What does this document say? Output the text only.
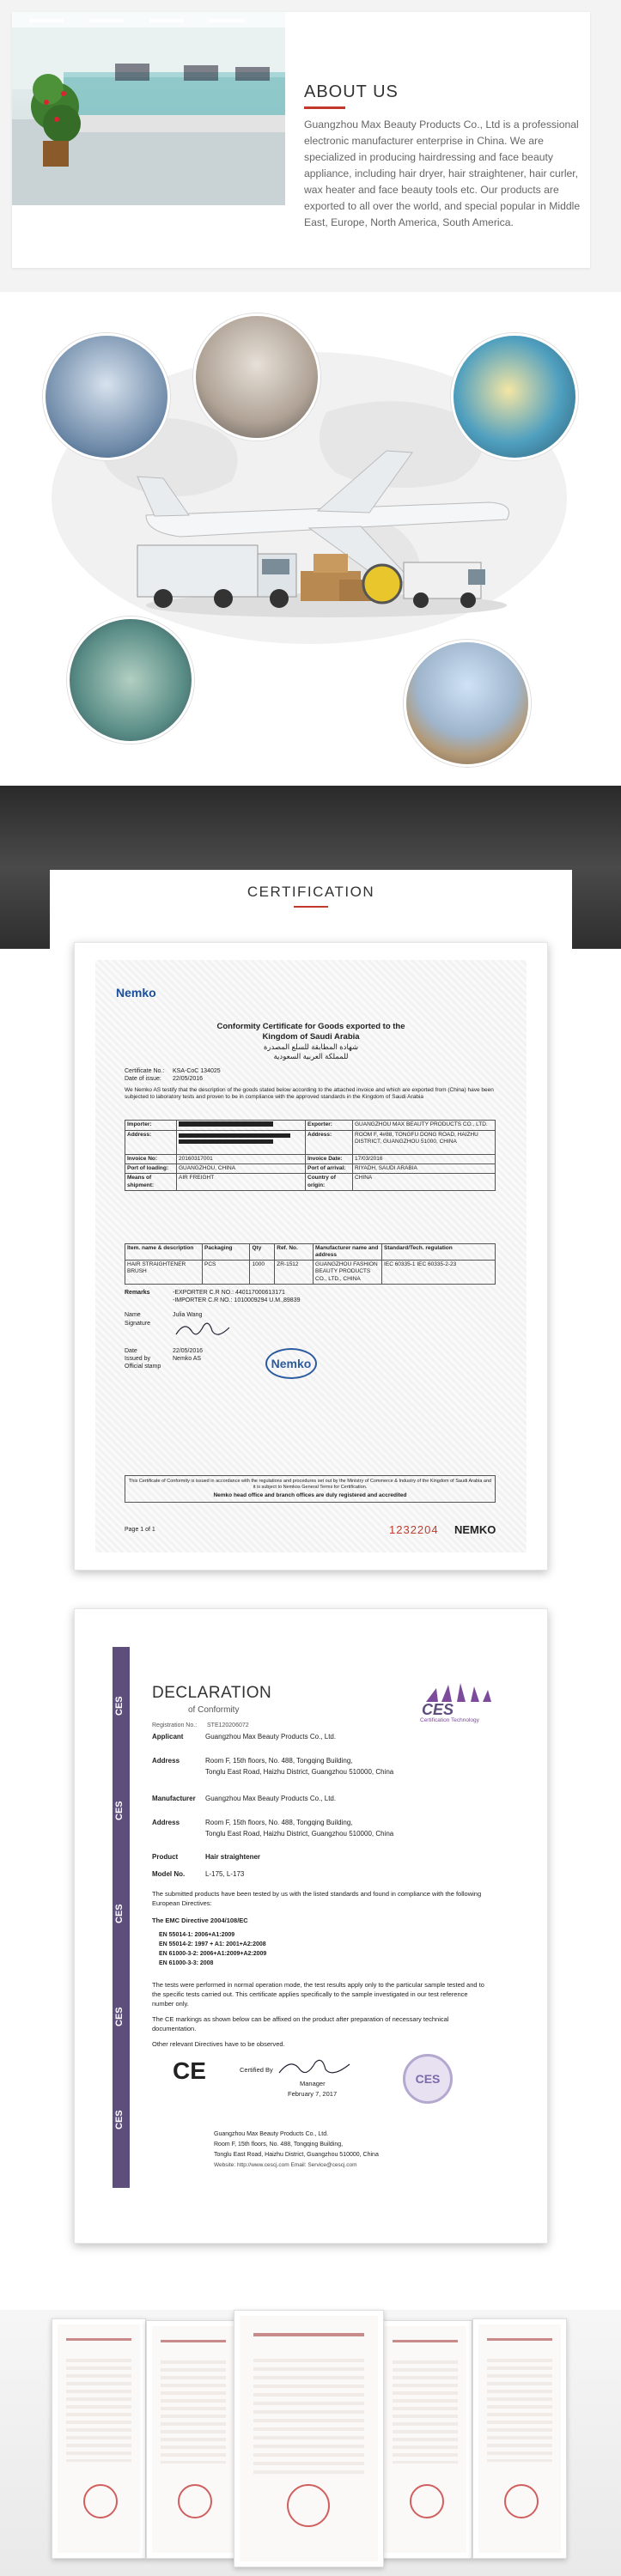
ABOUT US
Guangzhou Max Beauty Products Co., Ltd is a professional electronic manufacturer enterprise in China. We are specialized in producing hairdressing and face beauty appliance, including hair dryer, hair straightener, hair curler, wax heater and face beauty tools etc. Our products are exported to all over the world, and special popular in Middle East, Europe, North America, South America.
CERTIFICATION
Nemko
Conformity Certificate for Goods exported to the
Kingdom of Saudi Arabia
شهادة المطابقة للسلع المصدرة
للمملكة العربية السعودية
Certificate No.: KSA-CoC 134025
Date of issue: 22/05/2016
We Nemko AS testify that the description of the goods stated below according to the attached invoice and which are exported from (China) have been subjected to laboratory tests and proven to be in compliance with the approved standards in the Kingdom of Saudi Arabia
Importer:		Exporter:	GUANGZHOU MAX BEAUTY PRODUCTS CO., LTD.
Address:		Address:	ROOM F, 4#88, TONGFU DONG ROAD, HAIZHU DISTRICT, GUANGZHOU 51000, CHINA
Invoice No:	20160317001	Invoice Date:	17/03/2016
Port of loading:	GUANGZHOU, CHINA	Port of arrival:	RIYADH, SAUDI ARABIA
Means of shipment:	AIR FREIGHT	Country of origin:	CHINA
Item. name & description	Packaging	Qty	Ref. No.	Manufacturer name and address	Standard/Tech. regulation
HAIR STRAIGHTENER BRUSH	PCS	1000	ZR-1512	GUANGZHOU FASHION BEAUTY PRODUCTS CO., LTD., CHINA	IEC 60335-1 IEC 60335-2-23
Remarks	-EXPORTER C.R NO.: 440117000613171
-IMPORTER C.R NO.: 1010009294 U.M.,89839
Name	Julia Wang
Signature
Date	22/05/2016
Issued by	Nemko AS
Official stamp	Nemko
This Certificate of Conformity is issued in accordance with the regulations and procedures set out by the Ministry of Commerce & Industry of the Kingdom of Saudi Arabia and it is subject to Nemkos General Terms for Certification.
Nemko head office and branch offices are duly registered and accredited
Page 1 of 1	1232204 NEMKO
CES
CES
CES
CES
CES
DECLARATION
of Conformity	CES
Certification Technology
Registration No.: STE120206072
Applicant	Guangzhou Max Beauty Products Co., Ltd.
Address	Room F, 15th floors, No. 488, Tongqing Building,
Tonglu East Road, Haizhu District, Guangzhou 510000, China
Manufacturer Guangzhou Max Beauty Products Co., Ltd.
Address	Room F, 15th floors, No. 488, Tongqing Building,
Tonglu East Road, Haizhu District, Guangzhou 510000, China
Product	Hair straightener
Model No.	L-175, L-173
The submitted products have been tested by us with the listed standards and found in compliance with the following European Directives:
The EMC Directive 2004/108/EC
EN 55014-1: 2006+A1:2009
EN 55014-2: 1997 + A1: 2001+A2:2008
EN 61000-3-2: 2006+A1:2009+A2:2009
EN 61000-3-3: 2008
The tests were performed in normal operation mode, the test results apply only to the particular sample tested and to the specific tests carried out. This certificate applies specifically to the sample investigated in our test reference number only.
The CE markings as shown below can be affixed on the product after preparation of necessary technical documentation.
Other relevant Directives have to be observed.
CE	Certified By
Manager
February 7, 2017
CES
Guangzhou Max Beauty Products Co., Ltd.
Room F, 15th floors, No. 488, Tongqing Building,
Tonglu East Road, Haizhu District, Guangzhou 510000, China
Website: http://www.cescj.com Email: Service@cescj.com
